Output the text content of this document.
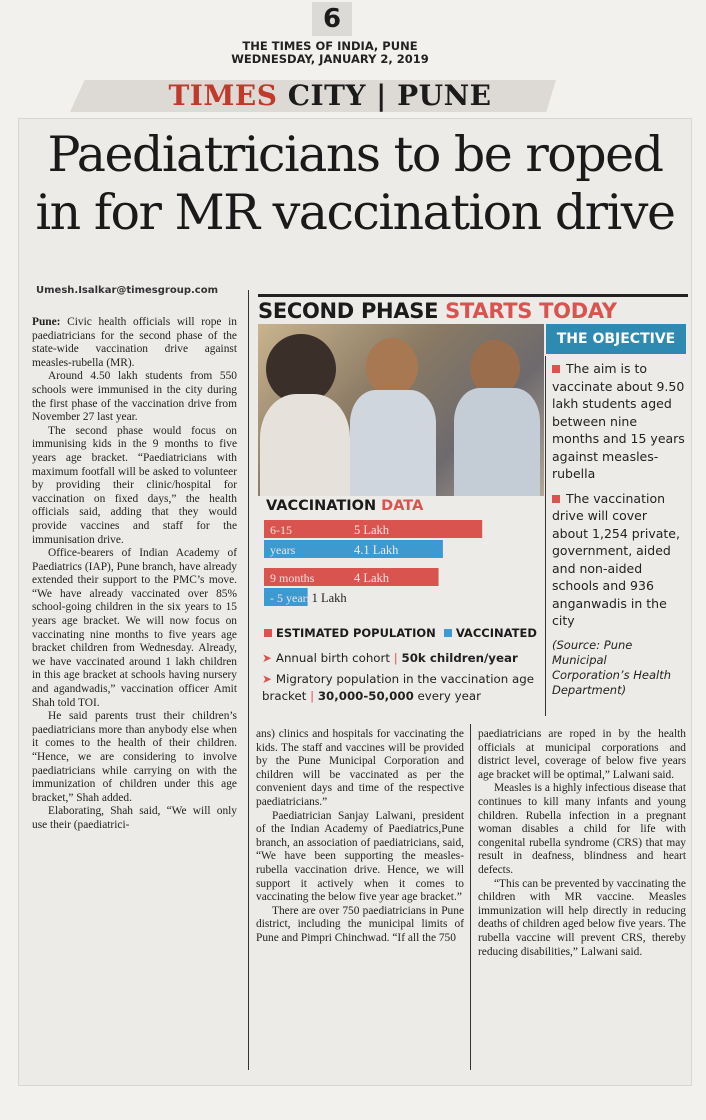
6
THE TIMES OF INDIA, PUNE
WEDNESDAY, JANUARY 2, 2019
TIMES CITY | PUNE
Paediatricians to be roped in for MR vaccination drive
Umesh.Isalkar@timesgroup.com

Pune: Civic health officials will rope in paediatricians for the second phase of the state-wide vaccination drive against measles-rubella (MR).

Around 4.50 lakh students from 550 schools were immunised in the city during the first phase of the vaccination drive from November 27 last year.

The second phase would focus on immunising kids in the 9 months to five years age bracket. “Paediatricians with maximum footfall will be asked to volunteer by providing their clinic/hospital for vaccination on fixed days,” the health officials said, adding that they would provide vaccines and staff for the immunisation drive.

Office-bearers of Indian Academy of Paediatrics (IAP), Pune branch, have already extended their support to the PMC’s move. “We have already vaccinated over 85% school-going children in the six years to 15 years age bracket. We will now focus on vaccinating nine months to five years age bracket children from Wednesday. Already, we have vaccinated around 1 lakh children in this age bracket at schools having nursery and agandwadis,” vaccination officer Amit Shah told TOI.

He said parents trust their children’s paediatricians more than anybody else when it comes to the health of their children. “Hence, we are considering to involve paediatricians while carrying on with the immunization of children under this age bracket,” Shah added.

Elaborating, Shah said, “We will only use their (paediatrici-

SECOND PHASE STARTS TODAY
THE OBJECTIVE

The aim is to vaccinate about 9.50 lakh students aged between nine months and 15 years against measles-rubella

The vaccination drive will cover about 1,254 private, government, aided and non-aided schools and 936 anganwadis in the city

(Source: Pune Municipal Corporation’s Health Department)

VACCINATION DATA
5 Lakh
4.1 Lakh
6-15
years
4 Lakh
1 Lakh
9 months
- 5 years
ESTIMATED POPULATION VACCINATED

➤ Annual birth cohort | 50k children/year

➤ Migratory population in the vaccination age bracket | 30,000-50,000 every year

ans) clinics and hospitals for vaccinating the kids. The staff and vaccines will be provided by the Pune Municipal Corporation and children will be vaccinated as per the convenient days and time of the respective paediatricians.”

Paediatrician Sanjay Lalwani, president of the Indian Academy of Paediatrics,Pune branch, an association of paediatricians, said, “We have been supporting the measles-rubella vaccination drive. Hence, we will support it actively when it comes to vaccinating the below five year age bracket.”

There are over 750 paediatricians in Pune district, including the municipal limits of Pune and Pimpri Chinchwad. “If all the 750

paediatricians are roped in by the health officials at municipal corporations and district level, coverage of below five years age bracket will be optimal,” Lalwani said.

Measles is a highly infectious disease that continues to kill many infants and young children. Rubella infection in a pregnant woman disables a child for life with congenital rubella syndrome (CRS) that may result in deafness, blindness and heart defects.

“This can be prevented by vaccinating the children with MR vaccine. Measles immunization will help directly in reducing deaths of children aged below five years. The rubella vaccine will prevent CRS, thereby reducing disabilities,” Lalwani said.
